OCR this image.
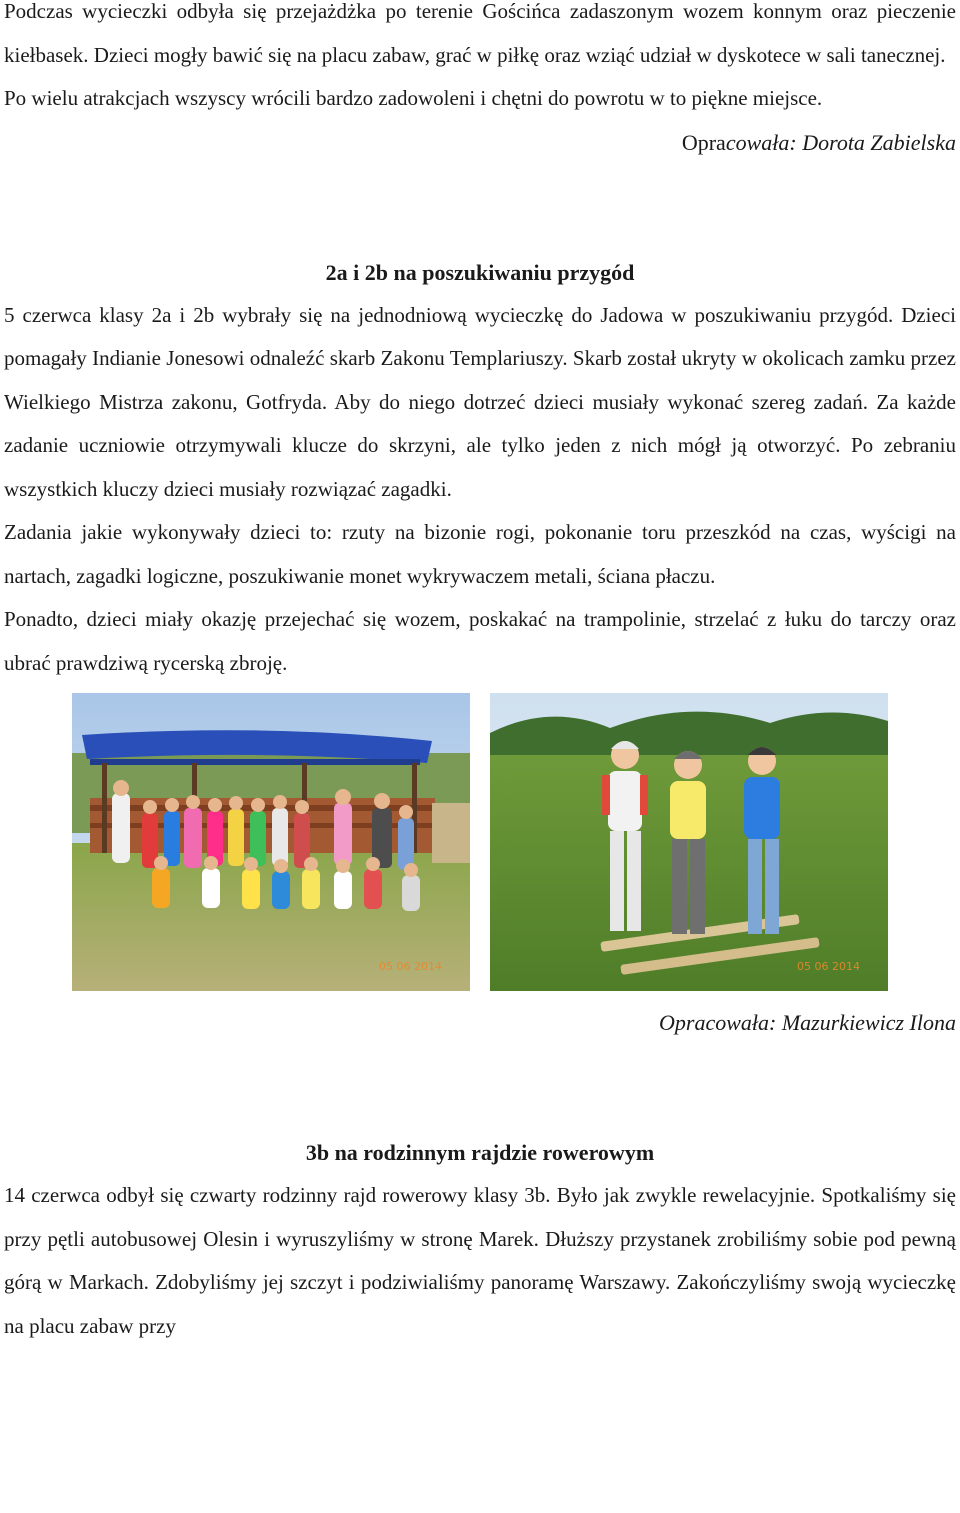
Podczas wycieczki odbyła się przejażdżka po terenie Gościńca zadaszonym wozem konnym oraz pieczenie kiełbasek. Dzieci mogły bawić się na placu zabaw, grać w piłkę oraz wziąć udział w dyskotece w sali tanecznej.

Po wielu atrakcjach wszyscy wrócili bardzo zadowoleni i chętni do powrotu w to piękne miejsce.

Opracowała: Dorota Zabielska

2a i 2b na poszukiwaniu przygód

5 czerwca klasy 2a i 2b wybrały się na jednodniową wycieczkę do Jadowa w poszukiwaniu przygód. Dzieci pomagały Indianie Jonesowi odnaleźć skarb Zakonu Templariuszy. Skarb został ukryty w okolicach zamku przez Wielkiego Mistrza zakonu, Gotfryda. Aby do niego dotrzeć dzieci musiały wykonać szereg zadań. Za każde zadanie uczniowie otrzymywali klucze do skrzyni, ale tylko jeden z nich mógł ją otworzyć. Po zebraniu wszystkich kluczy dzieci musiały rozwiązać zagadki.

Zadania jakie wykonywały dzieci to: rzuty na bizonie rogi, pokonanie toru przeszkód na czas, wyścigi na nartach, zagadki logiczne, poszukiwanie monet wykrywaczem metali, ściana płaczu.

Ponadto, dzieci miały okazję przejechać się wozem, poskakać na trampolinie, strzelać z łuku do tarczy oraz ubrać prawdziwą rycerską zbroję.

05 06 2014	05 06 2014

Opracowała: Mazurkiewicz Ilona

3b na rodzinnym rajdzie rowerowym

14 czerwca odbył się czwarty rodzinny rajd rowerowy klasy 3b. Było jak zwykle rewelacyjnie. Spotkaliśmy się przy pętli autobusowej Olesin i wyruszyliśmy w stronę Marek. Dłuższy przystanek zrobiliśmy sobie pod pewną górą w Markach. Zdobyliśmy jej szczyt i podziwialiśmy panoramę Warszawy. Zakończyliśmy swoją wycieczkę na placu zabaw przy
